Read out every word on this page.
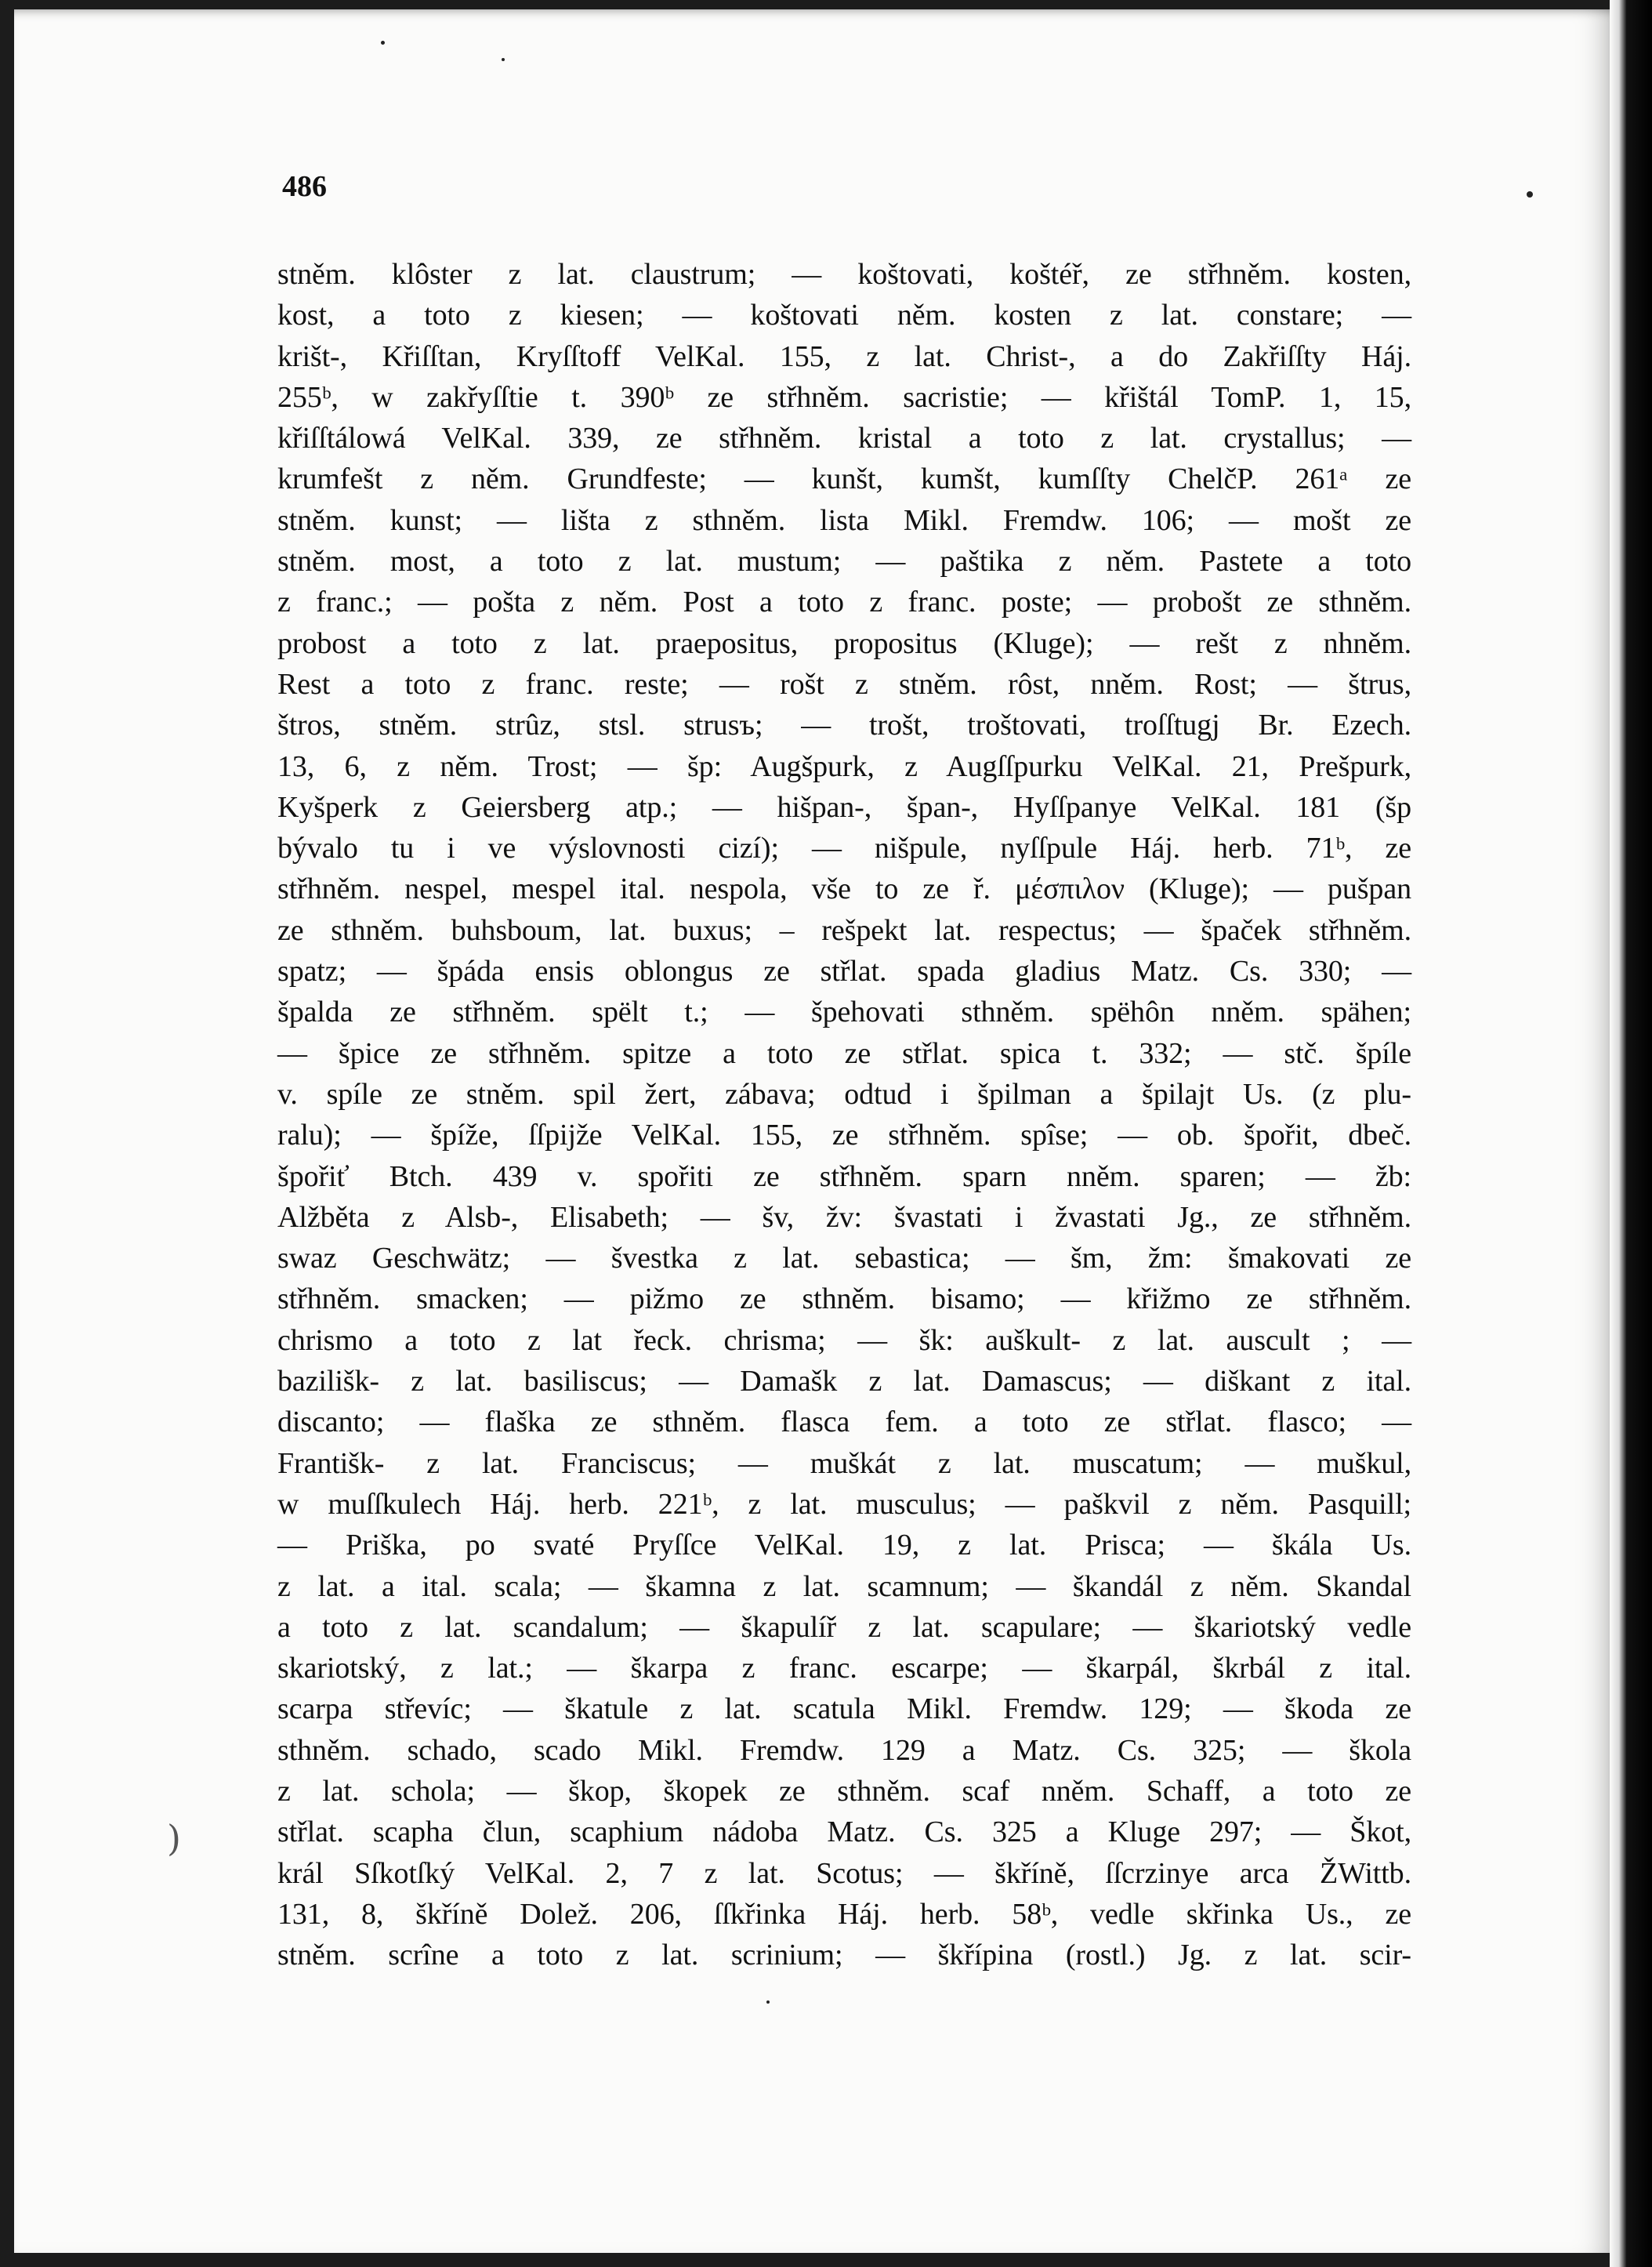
486
)
stněm. klôster z lat. claustrum; — koštovati, koštéř, ze střhněm. kosten,
kost, a toto z kiesen; — koštovati něm. kosten z lat. constare; —
krišt-, Křiſſtan, Kryſſtoff VelKal. 155, z lat. Christ-, a do Zakřiſſty Háj.
255ᵇ, w zakřyſſtie t. 390ᵇ ze střhněm. sacristie; — křištál TomP. 1, 15,
křiſſtálowá VelKal. 339, ze střhněm. kristal a toto z lat. crystallus; —
krumfešt z něm. Grundfeste; — kunšt, kumšt, kumſſty ChelčP. 261ᵃ ze
stněm. kunst; — lišta z sthněm. lista Mikl. Fremdw. 106; — mošt ze
stněm. most, a toto z lat. mustum; — paštika z něm. Pastete a toto
z franc.; — pošta z něm. Post a toto z franc. poste; — probošt ze sthněm.
probost a toto z lat. praepositus, propositus (Kluge); — rešt z nhněm.
Rest a toto z franc. reste; — rošt z stněm. rôst, nněm. Rost; — štrus,
štros, stněm. strûz, stsl. strusъ; — trošt, troštovati, troſſtugj Br. Ezech.
13, 6, z něm. Trost; — šp: Augšpurk, z Augſſpurku VelKal. 21, Prešpurk,
Kyšperk z Geiersberg atp.; — hišpan-, špan-, Hyſſpanye VelKal. 181 (šp
bývalo tu i ve výslovnosti cizí); — nišpule, nyſſpule Háj. herb. 71ᵇ, ze
střhněm. nespel, mespel ital. nespola, vše to ze ř. μέσπιλον (Kluge); — pušpan
ze sthněm. buhsboum, lat. buxus; – rešpekt lat. respectus; — špaček střhněm.
spatz; — špáda ensis oblongus ze střlat. spada gladius Matz. Cs. 330; —
špalda ze střhněm. spëlt t.; — špehovati sthněm. spëhôn nněm. spähen;
— špice ze střhněm. spitze a toto ze střlat. spica t. 332; — stč. špíle
v. spíle ze stněm. spil žert, zábava; odtud i špilman a špilajt Us. (z plu-
ralu); — špíže, ſſpijže VelKal. 155, ze střhněm. spîse; — ob. špořit, dbeč.
špořiť Btch. 439 v. spořiti ze střhněm. sparn nněm. sparen; — žb:
Alžběta z Alsb-, Elisabeth; — šv, žv: švastati i žvastati Jg., ze střhněm.
swaz Geschwätz; — švestka z lat. sebastica; — šm, žm: šmakovati ze
střhněm. smacken; — pižmo ze sthněm. bisamo; — křižmo ze střhněm.
chrismo a toto z lat řeck. chrisma; — šk: auškult- z lat. auscult ; —
bazilišk- z lat. basiliscus; — Damašk z lat. Damascus; — diškant z ital.
discanto; — flaška ze sthněm. flasca fem. a toto ze střlat. flasco; —
Františk- z lat. Franciscus; — muškát z lat. muscatum; — muškul,
w muſſkulech Háj. herb. 221ᵇ, z lat. musculus; — paškvil z něm. Pasquill;
— Priška, po svaté Pryſſce VelKal. 19, z lat. Prisca; — škála Us.
z lat. a ital. scala; — škamna z lat. scamnum; — škandál z něm. Skandal
a toto z lat. scandalum; — škapulíř z lat. scapulare; — škariotský vedle
skariotský, z lat.; — škarpa z franc. escarpe; — škarpál, škrbál z ital.
scarpa střevíc; — škatule z lat. scatula Mikl. Fremdw. 129; — škoda ze
sthněm. schado, scado Mikl. Fremdw. 129 a Matz. Cs. 325; — škola
z lat. schola; — škop, škopek ze sthněm. scaf nněm. Schaff, a toto ze
střlat. scapha člun, scaphium nádoba Matz. Cs. 325 a Kluge 297; — Škot,
král Sſkotſký VelKal. 2, 7 z lat. Scotus; — škříně, ſſcrzinye arca ŽWittb.
131, 8, škříně Dolež. 206, ſſkřinka Háj. herb. 58ᵇ, vedle skřinka Us., ze
stněm. scrîne a toto z lat. scrinium; — škřípina (rostl.) Jg. z lat. scir-
